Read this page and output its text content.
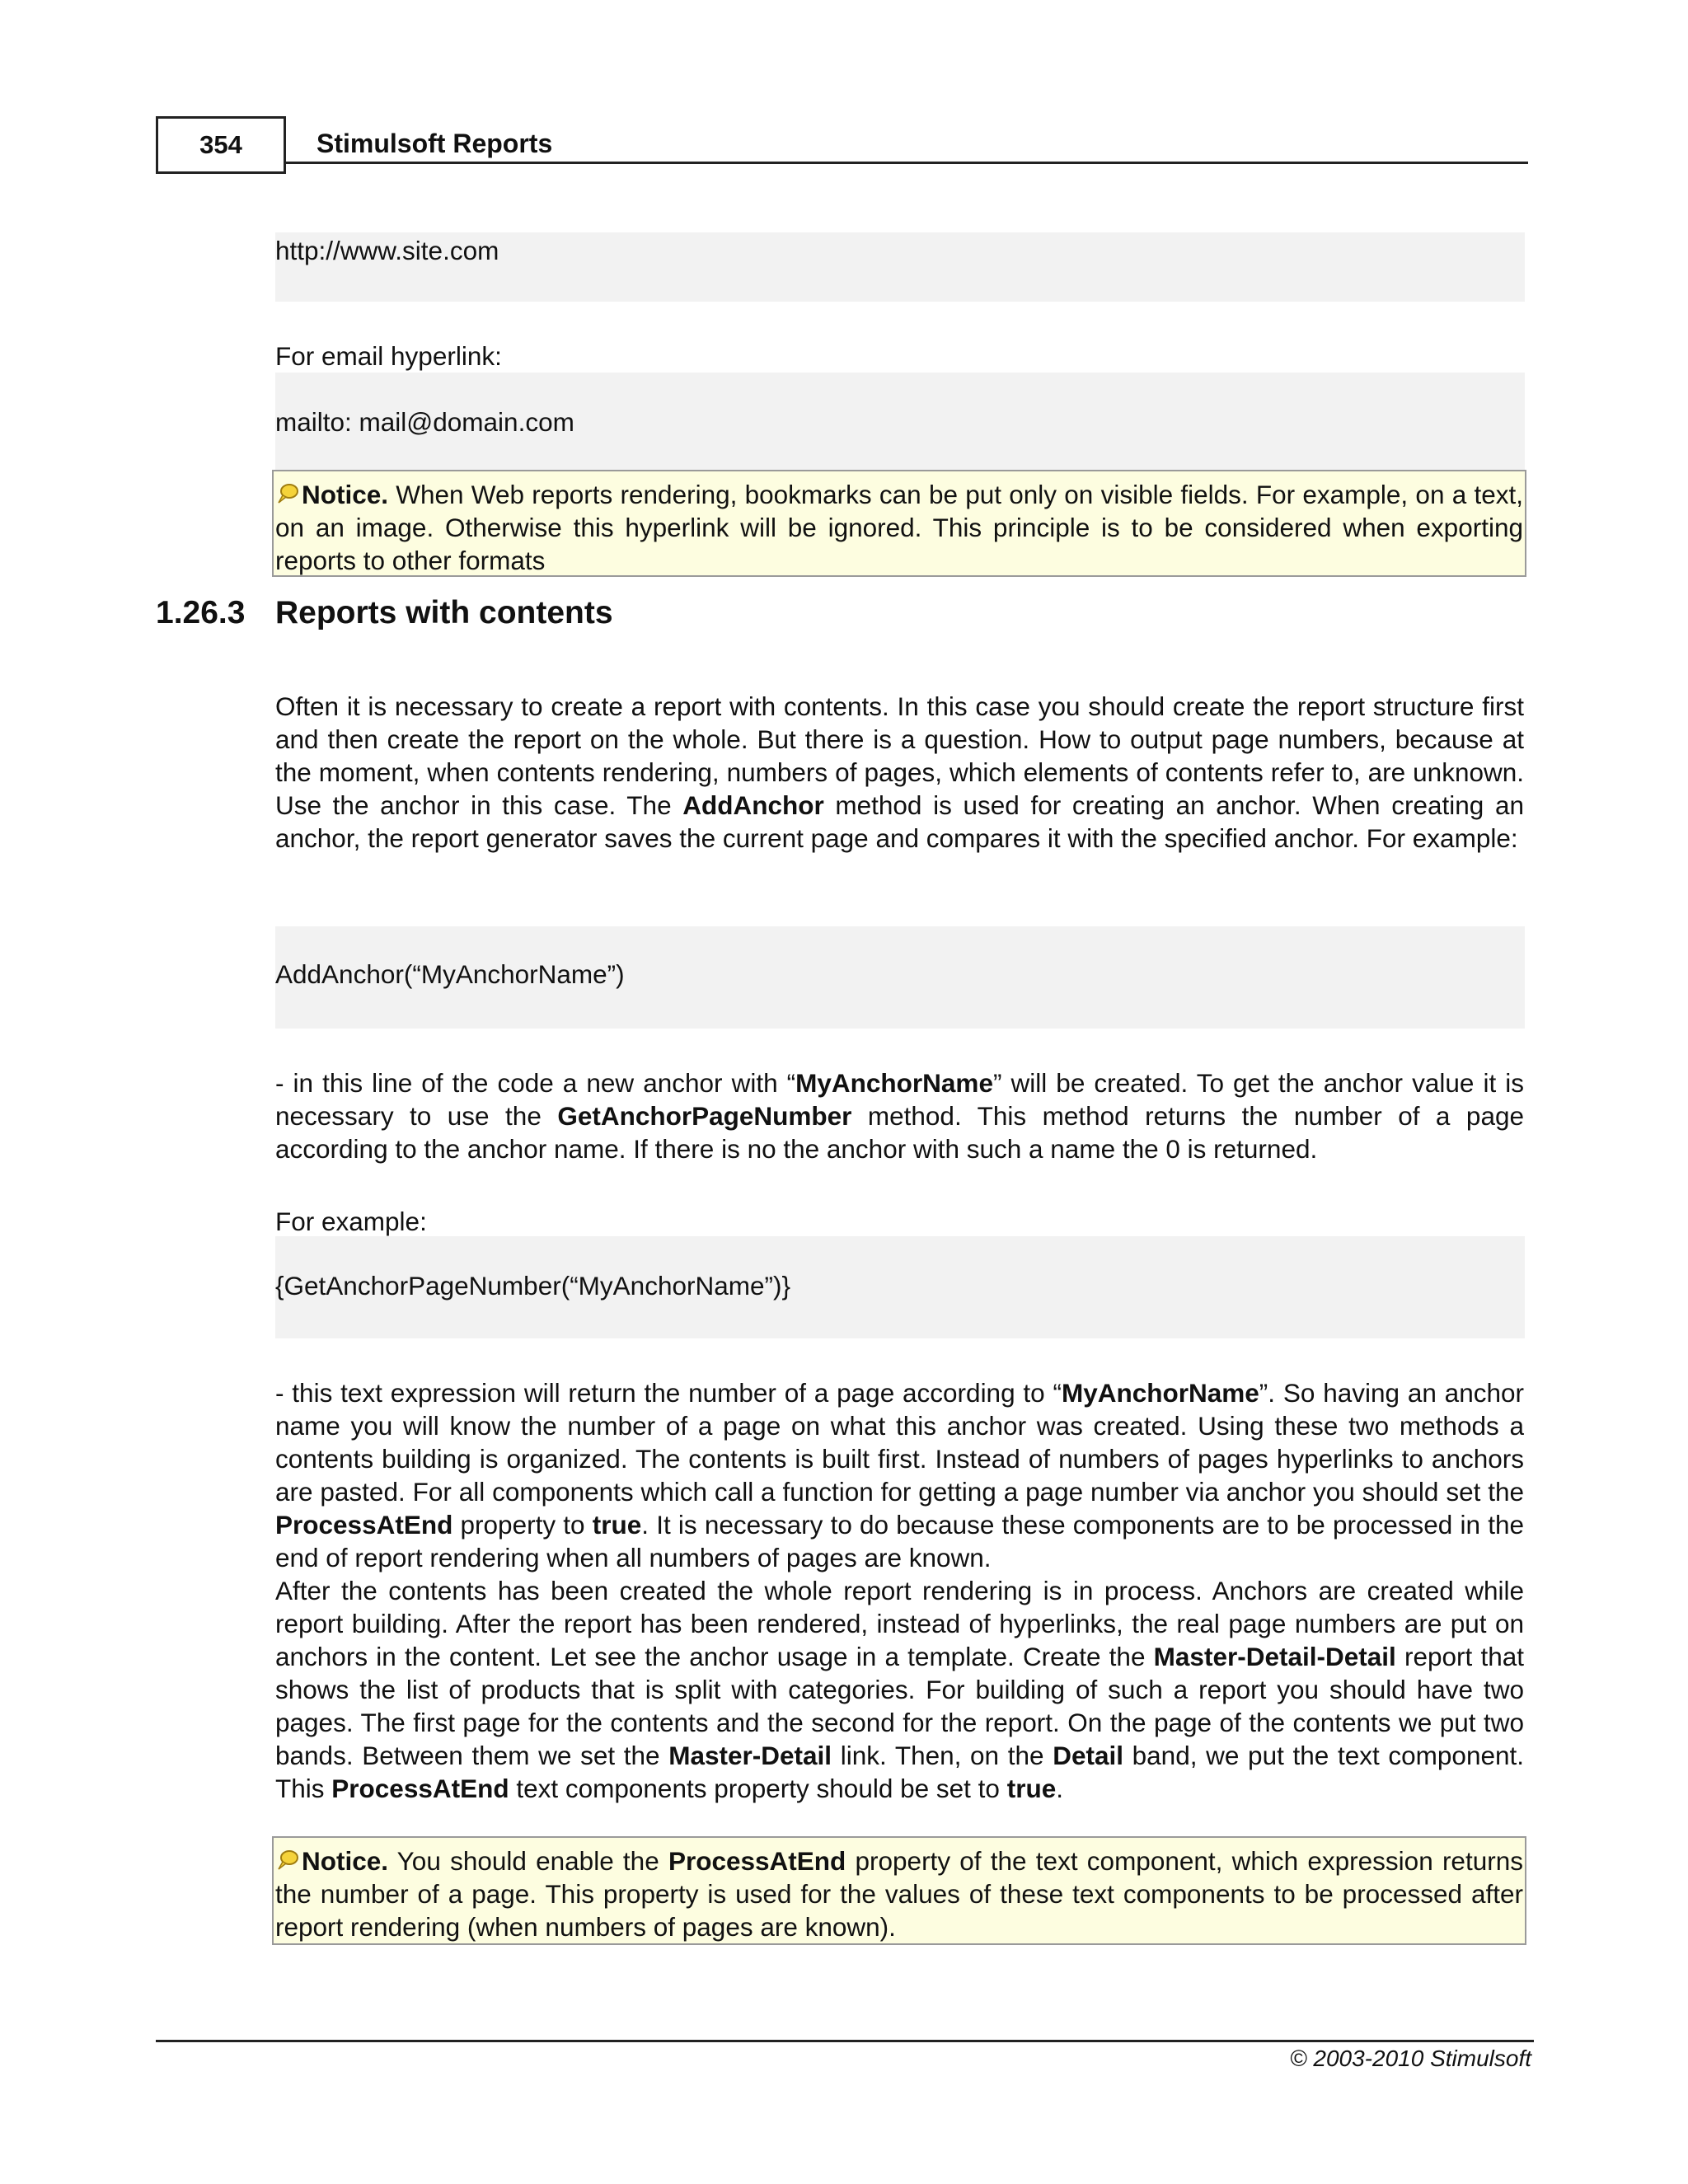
354	Stimulsoft Reports
http://www.site.com
For email hyperlink:
mailto: mail@domain.com
Notice. When Web reports rendering, bookmarks can be put only on visible fields. For example, on a text, on an image. Otherwise this hyperlink will be ignored. This principle is to be considered when exporting reports to other formats
1.26.3 Reports with contents
Often it is necessary to create a report with contents. In this case you should create the report structure first and then create the report on the whole. But there is a question. How to output page numbers, because at the moment, when contents rendering, numbers of pages, which elements of contents refer to, are unknown. Use the anchor in this case. The AddAnchor method is used for creating an anchor. When creating an anchor, the report generator saves the current page and compares it with the specified anchor. For example:
AddAnchor(“MyAnchorName”)
- in this line of the code a new anchor with “MyAnchorName” will be created. To get the anchor value it is necessary to use the GetAnchorPageNumber method. This method returns the number of a page according to the anchor name. If there is no the anchor with such a name the 0 is returned.
For example:
{GetAnchorPageNumber(“MyAnchorName”)}

- this text expression will return the number of a page according to “MyAnchorName”. So having an anchor name you will know the number of a page on what this anchor was created. Using these two methods a contents building is organized. The contents is built first. Instead of numbers of pages hyperlinks to anchors are pasted. For all components which call a function for getting a page number via anchor you should set the ProcessAtEnd property to true. It is necessary to do because these components are to be processed in the end of report rendering when all numbers of pages are known.

After the contents has been created the whole report rendering is in process. Anchors are created while report building. After the report has been rendered, instead of hyperlinks, the real page numbers are put on anchors in the content. Let see the anchor usage in a template. Create the Master-Detail-Detail report that shows the list of products that is split with categories. For building of such a report you should have two pages. The first page for the contents and the second for the report. On the page of the contents we put two bands. Between them we set the Master-Detail link. Then, on the Detail band, we put the text component. This ProcessAtEnd text components property should be set to true.

Notice. You should enable the ProcessAtEnd property of the text component, which expression returns the number of a page. This property is used for the values of these text components to be processed after report rendering (when numbers of pages are known).
© 2003-2010 Stimulsoft
